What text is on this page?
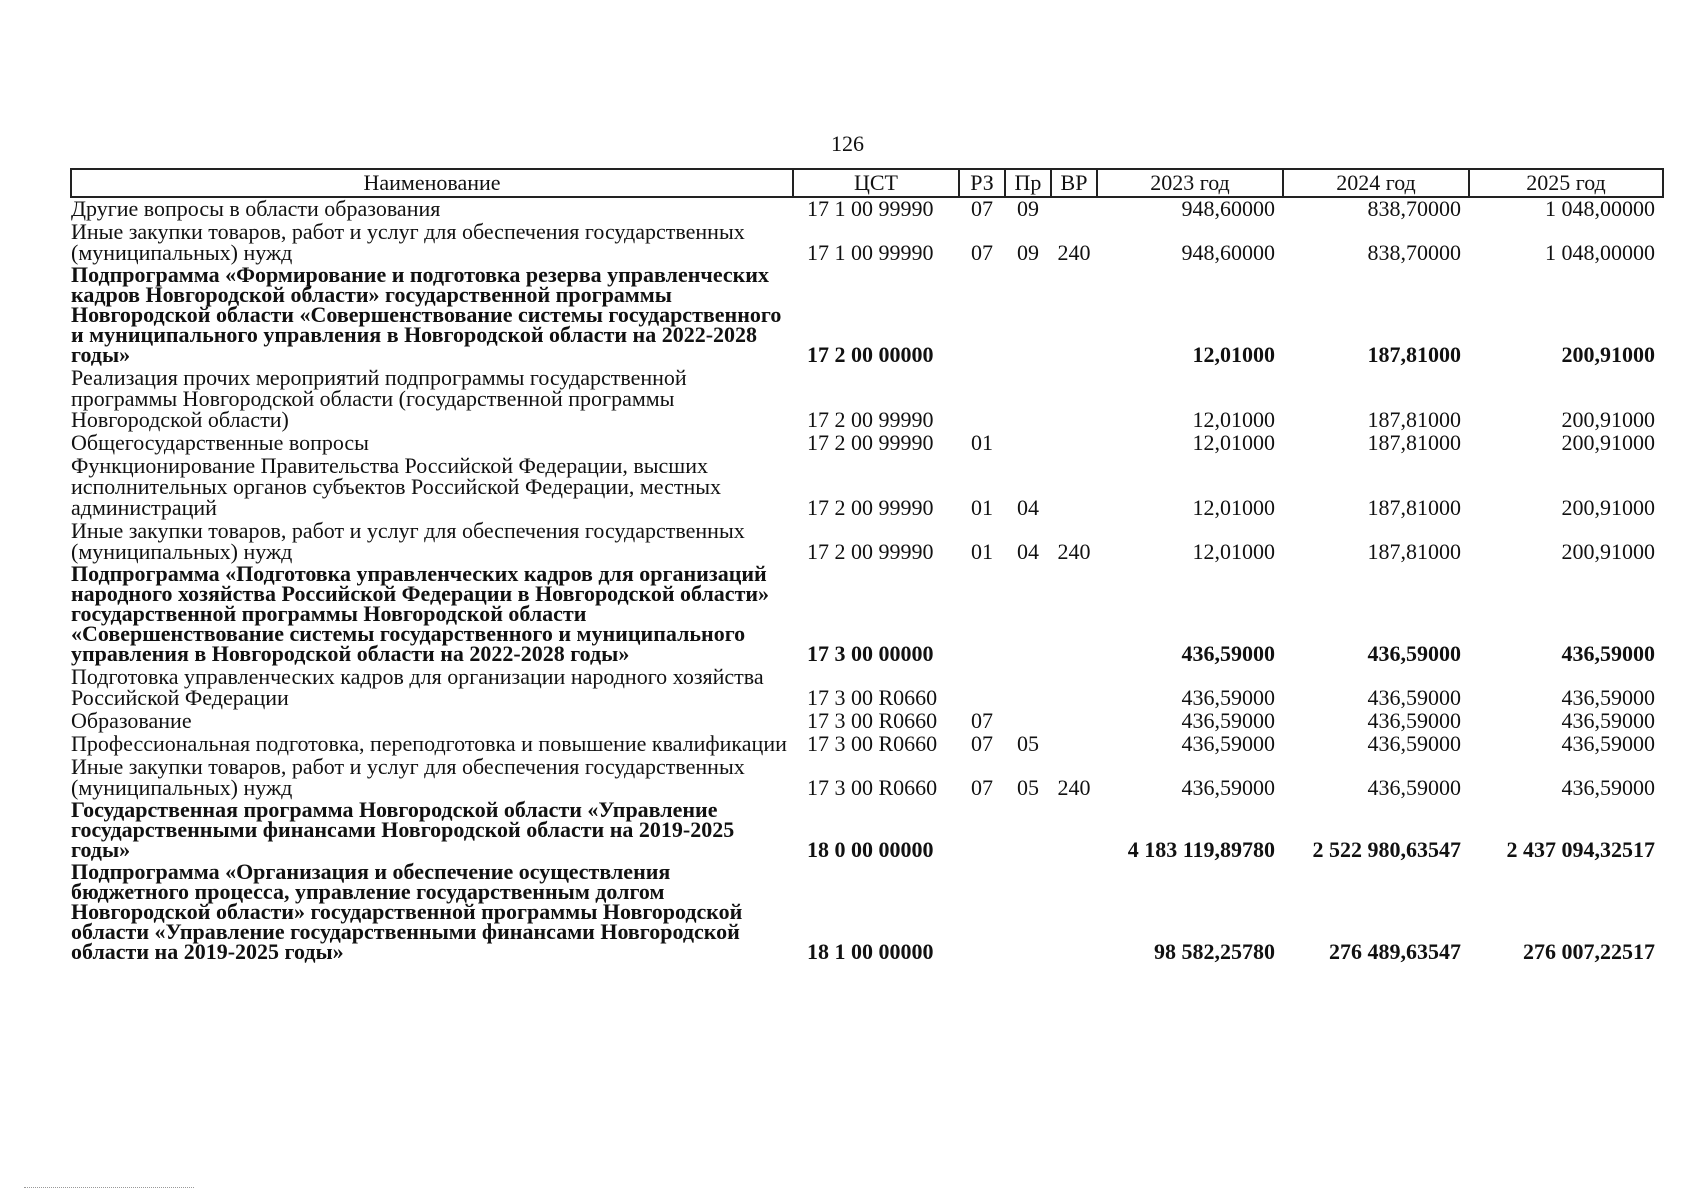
126
Наименование	ЦСТ	РЗ	Пр	ВР	2023 год	2024 год	2025 год
Другие вопросы в области образования	17 1 00 99990	07	09		948,60000	838,70000	1 048,00000
Иные закупки товаров, работ и услуг для обеспечения государственных (муниципальных) нужд	17 1 00 99990	07	09	240	948,60000	838,70000	1 048,00000
Подпрограмма «Формирование и подготовка резерва управленческих кадров Новгородской области» государственной программы Новгородской области «Совершенствование системы государственного и муниципального управления в Новгородской области на 2022-2028 годы»	17 2 00 00000				12,01000	187,81000	200,91000
Реализация прочих мероприятий подпрограммы государственной программы Новгородской области (государственной программы Новгородской области)	17 2 00 99990				12,01000	187,81000	200,91000
Общегосударственные вопросы	17 2 00 99990	01			12,01000	187,81000	200,91000
Функционирование Правительства Российской Федерации, высших исполнительных органов субъектов Российской Федерации, местных администраций	17 2 00 99990	01	04		12,01000	187,81000	200,91000
Иные закупки товаров, работ и услуг для обеспечения государственных (муниципальных) нужд	17 2 00 99990	01	04	240	12,01000	187,81000	200,91000
Подпрограмма «Подготовка управленческих кадров для организаций народного хозяйства Российской Федерации в Новгородской области» государственной программы Новгородской области «Совершенствование системы государственного и муниципального управления в Новгородской области на 2022-2028 годы»	17 3 00 00000				436,59000	436,59000	436,59000
Подготовка управленческих кадров для организации народного хозяйства Российской Федерации	17 3 00 R0660				436,59000	436,59000	436,59000
Образование	17 3 00 R0660	07			436,59000	436,59000	436,59000
Профессиональная подготовка, переподготовка и повышение квалификации	17 3 00 R0660	07	05		436,59000	436,59000	436,59000
Иные закупки товаров, работ и услуг для обеспечения государственных (муниципальных) нужд	17 3 00 R0660	07	05	240	436,59000	436,59000	436,59000
Государственная программа Новгородской области «Управление государственными финансами Новгородской области на 2019-2025 годы»	18 0 00 00000				4 183 119,89780	2 522 980,63547	2 437 094,32517
Подпрограмма «Организация и обеспечение осуществления бюджетного процесса, управление государственным долгом Новгородской области» государственной программы Новгородской области «Управление государственными финансами Новгородской области на 2019-2025 годы»	18 1 00 00000				98 582,25780	276 489,63547	276 007,22517
